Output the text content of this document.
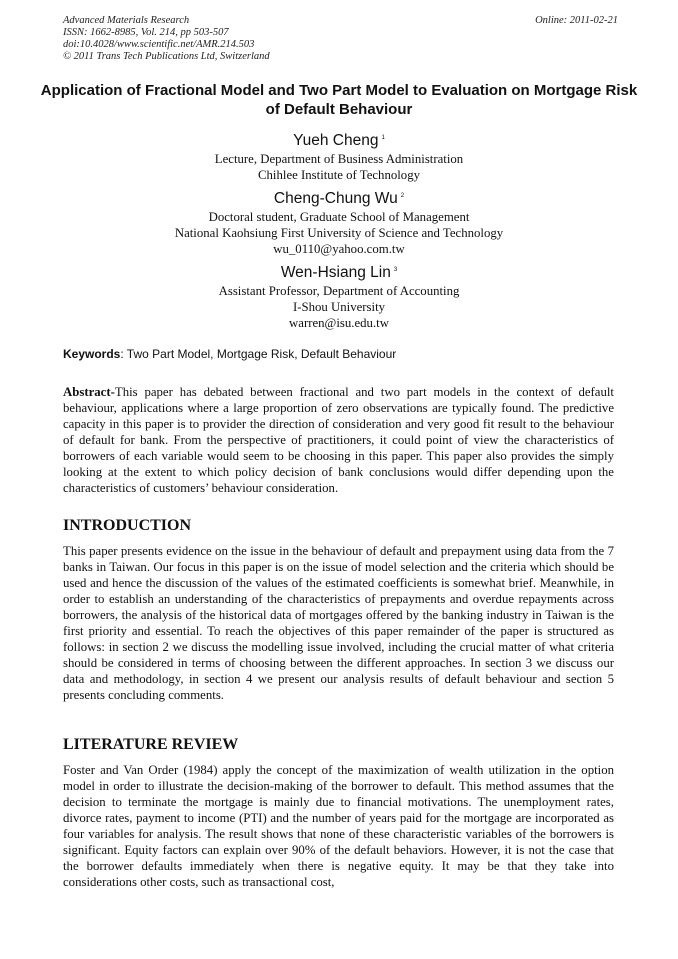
Advanced Materials Research
ISSN: 1662-8985, Vol. 214, pp 503-507
doi:10.4028/www.scientific.net/AMR.214.503
© 2011 Trans Tech Publications Ltd, Switzerland
Online: 2011-02-21
Application of Fractional Model and Two Part Model to Evaluation on Mortgage Risk of Default Behaviour
Yueh Cheng $^1$
Lecture, Department of Business Administration
Chihlee Institute of Technology
Cheng-Chung Wu $^2$
Doctoral student, Graduate School of Management
National Kaohsiung First University of Science and Technology
wu_0110@yahoo.com.tw
Wen-Hsiang Lin $^3$
Assistant Professor, Department of Accounting
I-Shou University
warren@isu.edu.tw
Keywords: Two Part Model, Mortgage Risk, Default Behaviour
Abstract-This paper has debated between fractional and two part models in the context of default behaviour, applications where a large proportion of zero observations are typically found. The predictive capacity in this paper is to provider the direction of consideration and very good fit result to the behaviour of default for bank. From the perspective of practitioners, it could point of view the characteristics of borrowers of each variable would seem to be choosing in this paper. This paper also provides the simply looking at the extent to which policy decision of bank conclusions would differ depending upon the characteristics of customers’ behaviour consideration.
INTRODUCTION
This paper presents evidence on the issue in the behaviour of default and prepayment using data from the 7 banks in Taiwan. Our focus in this paper is on the issue of model selection and the criteria which should be used and hence the discussion of the values of the estimated coefficients is somewhat brief. Meanwhile, in order to establish an understanding of the characteristics of prepayments and overdue repayments across borrowers, the analysis of the historical data of mortgages offered by the banking industry in Taiwan is the first priority and essential. To reach the objectives of this paper remainder of the paper is structured as follows: in section 2 we discuss the modelling issue involved, including the crucial matter of what criteria should be considered in terms of choosing between the different approaches. In section 3 we discuss our data and methodology, in section 4 we present our analysis results of default behaviour and section 5 presents concluding comments.
LITERATURE REVIEW
Foster and Van Order (1984) apply the concept of the maximization of wealth utilization in the option model in order to illustrate the decision-making of the borrower to default. This method assumes that the decision to terminate the mortgage is mainly due to financial motivations. The unemployment rates, divorce rates, payment to income (PTI) and the number of years paid for the mortgage are incorporated as four variables for analysis. The result shows that none of these characteristic variables of the borrowers is significant. Equity factors can explain over 90% of the default behaviors. However, it is not the case that the borrower defaults immediately when there is negative equity. It may be that they take into considerations other costs, such as transactional cost,
